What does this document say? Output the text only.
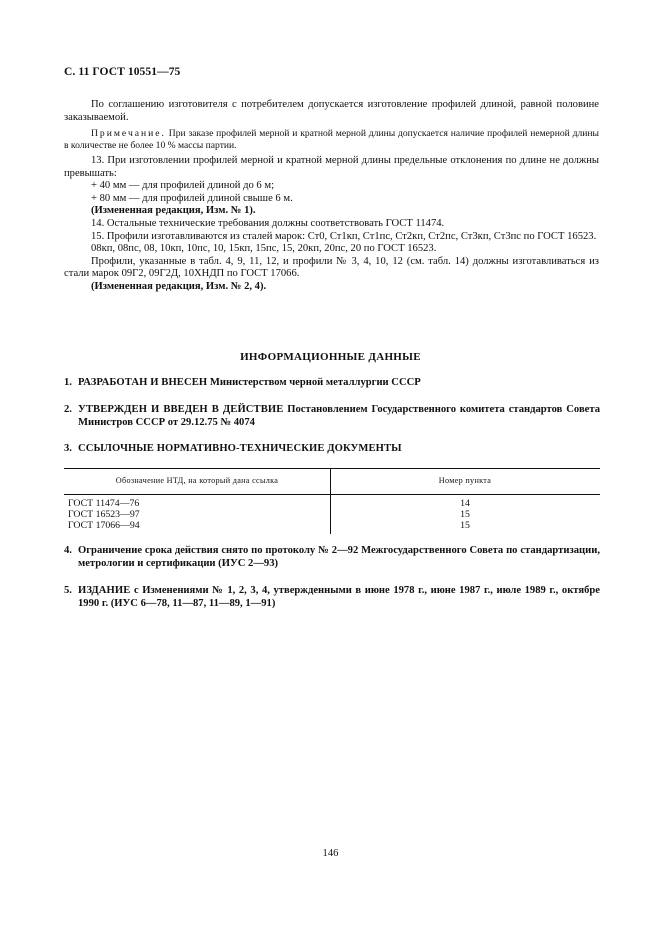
С. 11 ГОСТ 10551—75

По соглашению изготовителя с потребителем допускается изготовление профилей длиной, равной половине заказываемой.

Примечание. При заказе профилей мерной и кратной мерной длины допускается наличие профилей немерной длины в количестве не более 10 % массы партии.

13. При изготовлении профилей мерной и кратной мерной длины предельные отклонения по длине не должны превышать:

+ 40 мм — для профилей длиной до 6 м;

+ 80 мм — для профилей длиной свыше 6 м.

(Измененная редакция, Изм. № 1).

14. Остальные технические требования должны соответствовать ГОСТ 11474.

15. Профили изготавливаются из сталей марок: Ст0, Ст1кп, Ст1пс, Ст2кп, Ст2пс, Ст3кп, Ст3пс по ГОСТ 16523.

08кп, 08пс, 08, 10кп, 10пс, 10, 15кп, 15пс, 15, 20кп, 20пс, 20 по ГОСТ 16523.

Профили, указанные в табл. 4, 9, 11, 12, и профили № 3, 4, 10, 12 (см. табл. 14) должны изготавливаться из стали марок 09Г2, 09Г2Д, 10ХНДП по ГОСТ 17066.

(Измененная редакция, Изм. № 2, 4).

ИНФОРМАЦИОННЫЕ ДАННЫЕ
1. РАЗРАБОТАН И ВНЕСЕН Министерством черной металлургии СССР
2. УТВЕРЖДЕН И ВВЕДЕН В ДЕЙСТВИЕ Постановлением Государственного комитета стандартов Совета Министров СССР от 29.12.75 № 4074
3. ССЫЛОЧНЫЕ НОРМАТИВНО-ТЕХНИЧЕСКИЕ ДОКУМЕНТЫ
Обозначение НТД, на который дана ссылка	Номер пункта
ГОСТ 11474—76	14
ГОСТ 16523—97	15
ГОСТ 17066—94	15
4. Ограничение срока действия снято по протоколу № 2—92 Межгосударственного Совета по стандартизации, метрологии и сертификации (ИУС 2—93)
5. ИЗДАНИЕ с Изменениями № 1, 2, 3, 4, утвержденными в июне 1978 г., июне 1987 г., июле 1989 г., октябре 1990 г. (ИУС 6—78, 11—87, 11—89, 1—91)
146
